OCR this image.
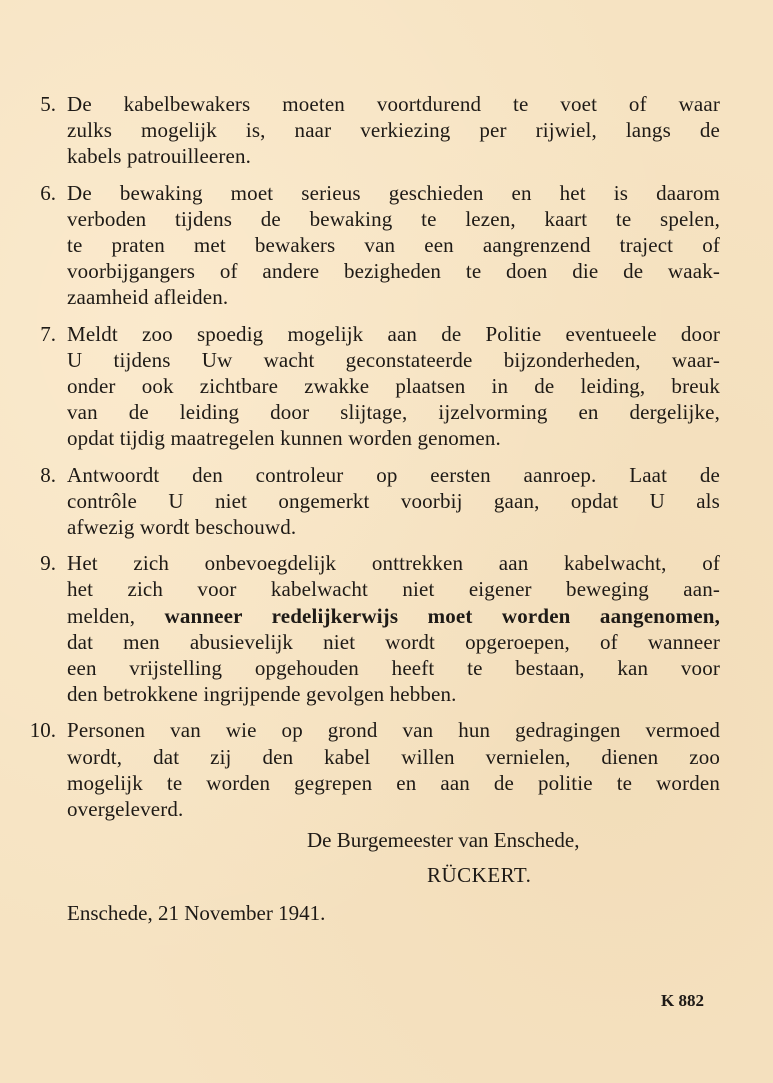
5. De kabelbewakers moeten voortdurend te voet of waar
zulks mogelijk is, naar verkiezing per rijwiel, langs de
kabels patrouilleeren.
6. De bewaking moet serieus geschieden en het is daarom
verboden tijdens de bewaking te lezen, kaart te spelen,
te praten met bewakers van een aangrenzend traject of
voorbijgangers of andere bezigheden te doen die de waak-
zaamheid afleiden.
7. Meldt zoo spoedig mogelijk aan de Politie eventueele door
U tijdens Uw wacht geconstateerde bijzonderheden, waar-
onder ook zichtbare zwakke plaatsen in de leiding, breuk
van de leiding door slijtage, ijzelvorming en dergelijke,
opdat tijdig maatregelen kunnen worden genomen.
8. Antwoordt den controleur op eersten aanroep. Laat de
contrôle U niet ongemerkt voorbij gaan, opdat U als
afwezig wordt beschouwd.
9. Het zich onbevoegdelijk onttrekken aan kabelwacht, of
het zich voor kabelwacht niet eigener beweging aan-
melden, wanneer redelijkerwijs moet worden aangenomen,
dat men abusievelijk niet wordt opgeroepen, of wanneer
een vrijstelling opgehouden heeft te bestaan, kan voor
den betrokkene ingrijpende gevolgen hebben.
10. Personen van wie op grond van hun gedragingen vermoed
wordt, dat zij den kabel willen vernielen, dienen zoo
mogelijk te worden gegrepen en aan de politie te worden
overgeleverd.
De Burgemeester van Enschede,
RÜCKERT.
Enschede, 21 November 1941.
K 882
